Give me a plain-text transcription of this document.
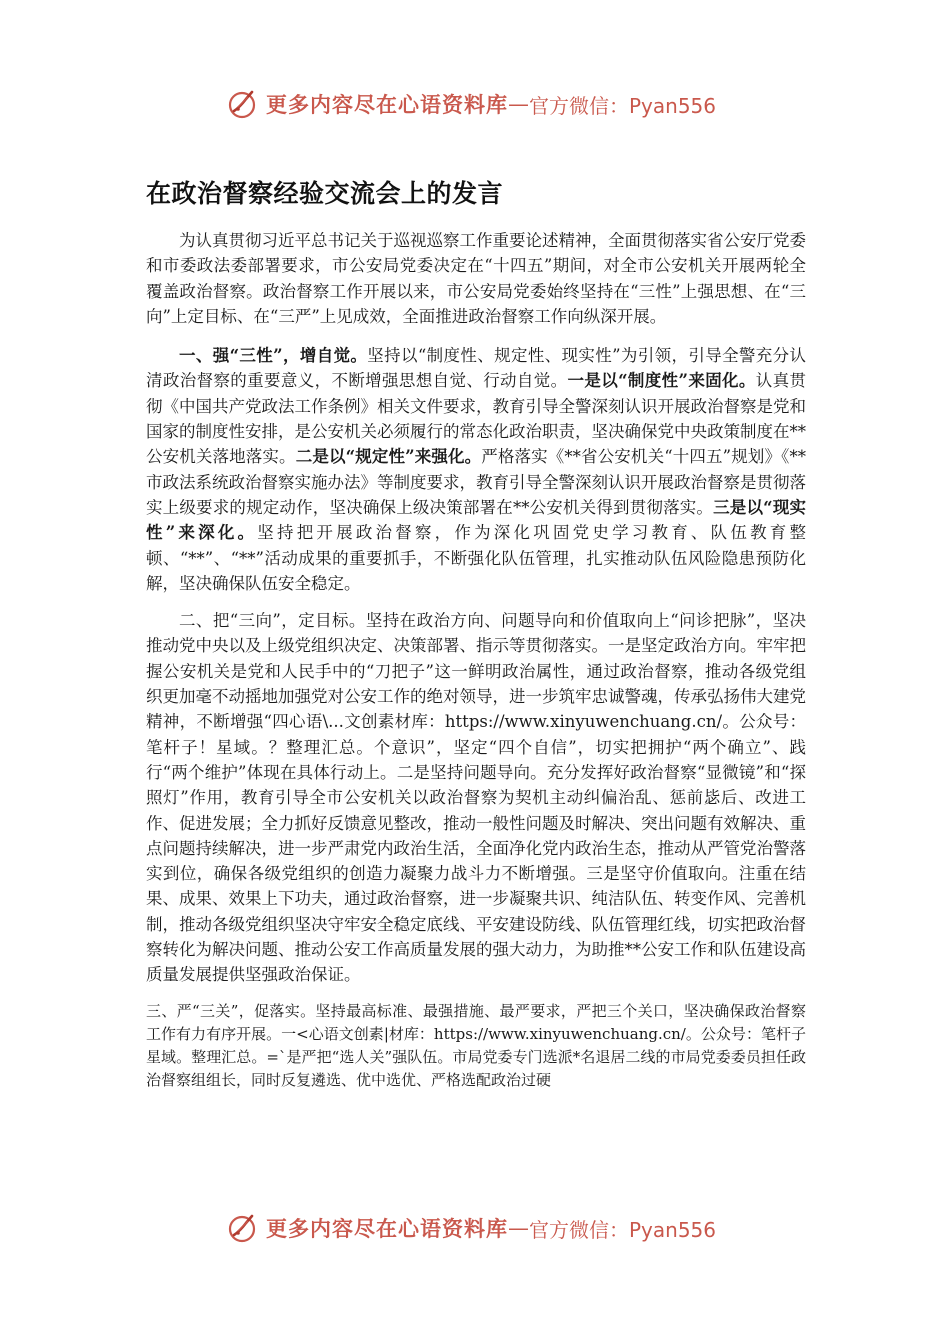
更多内容尽在心语资料库 — 官方微信：Pyan556
在政治督察经验交流会上的发言

为认真贯彻习近平总书记关于巡视巡察工作重要论述精神，全面贯彻落实省公安厅党委和市委政法委部署要求，市公安局党委决定在“十四五”期间，对全市公安机关开展两轮全覆盖政治督察。政治督察工作开展以来，市公安局党委始终坚持在“三性”上强思想、在“三向”上定目标、在“三严”上见成效，全面推进政治督察工作向纵深开展。

一、强“三性”，增自觉。坚持以“制度性、规定性、现实性”为引领，引导全警充分认清政治督察的重要意义，不断增强思想自觉、行动自觉。一是以“制度性”来固化。认真贯彻《中国共产党政法工作条例》相关文件要求，教育引导全警深刻认识开展政治督察是党和国家的制度性安排，是公安机关必须履行的常态化政治职责，坚决确保党中央政策制度在**公安机关落地落实。二是以“规定性”来强化。严格落实《**省公安机关“十四五”规划》《**市政法系统政治督察实施办法》等制度要求，教育引导全警深刻认识开展政治督察是贯彻落实上级要求的规定动作，坚决确保上级决策部署在**公安机关得到贯彻落实。三是以“现实性”来深化。坚持把开展政治督察，作为深化巩固党史学习教育、队伍教育整顿、“**”、“**”活动成果的重要抓手，不断强化队伍管理，扎实推动队伍风险隐患预防化解，坚决确保队伍安全稳定。

二、把“三向”，定目标。坚持在政治方向、问题导向和价值取向上“问诊把脉”，坚决推动党中央以及上级党组织决定、决策部署、指示等贯彻落实。一是坚定政治方向。牢牢把握公安机关是党和人民手中的“刀把子”这一鲜明政治属性，通过政治督察，推动各级党组织更加毫不动摇地加强党对公安工作的绝对领导，进一步筑牢忠诚警魂，传承弘扬伟大建党精神，不断增强“四心语\...文创素材库：https://www.xinyuwenchuang.cn/。公众号：笔杆子！星域。？整理汇总。个意识”，坚定“四个自信”，切实把拥护“两个确立”、践行“两个维护”体现在具体行动上。二是坚持问题导向。充分发挥好政治督察“显微镜”和“探照灯”作用，教育引导全市公安机关以政治督察为契机主动纠偏治乱、惩前毖后、改进工作、促进发展；全力抓好反馈意见整改，推动一般性问题及时解决、突出问题有效解决、重点问题持续解决，进一步严肃党内政治生活，全面净化党内政治生态，推动从严管党治警落实到位，确保各级党组织的创造力凝聚力战斗力不断增强。三是坚守价值取向。注重在结果、成果、效果上下功夫，通过政治督察，进一步凝聚共识、纯洁队伍、转变作风、完善机制，推动各级党组织坚决守牢安全稳定底线、平安建设防线、队伍管理红线，切实把政治督察转化为解决问题、推动公安工作高质量发展的强大动力，为助推**公安工作和队伍建设高质量发展提供坚强政治保证。

三、严“三关”，促落实。坚持最高标准、最强措施、最严要求，严把三个关口，坚决确保政治督察工作有力有序开展。一<心语文创素|材库：https://www.xinyuwenchuang.cn/。公众号：笔杆子星域。整理汇总。=`是严把“选人关”强队伍。市局党委专门选派*名退居二线的市局党委委员担任政治督察组组长，同时反复遴选、优中选优、严格选配政治过硬

更多内容尽在心语资料库 — 官方微信：Pyan556
